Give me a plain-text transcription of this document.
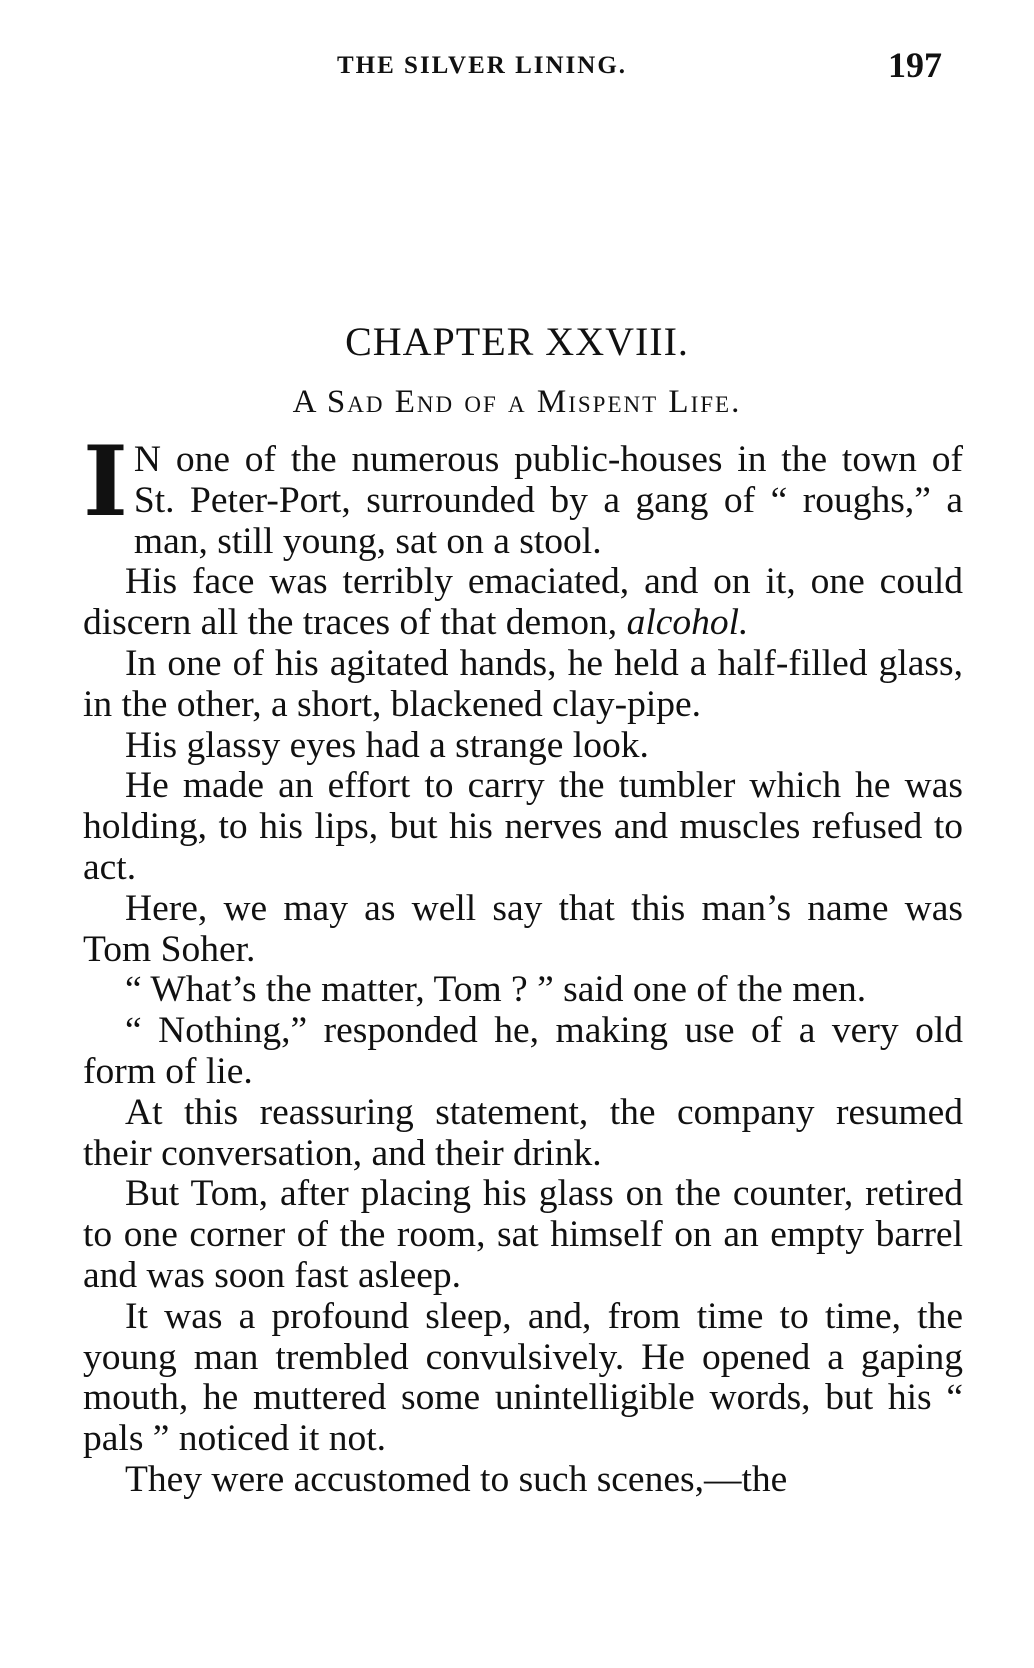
THE SILVER LINING.	197
CHAPTER XXVIII.
A Sad End of a Mispent Life.

I N one of the numerous public-houses in the town of St. Peter-Port, surrounded by a gang of “ roughs,” a man, still young, sat on a stool.

His face was terribly emaciated, and on it, one could discern all the traces of that demon, alcohol.

In one of his agitated hands, he held a half-filled glass, in the other, a short, blackened clay-pipe.

His glassy eyes had a strange look.

He made an effort to carry the tumbler which he was holding, to his lips, but his nerves and muscles refused to act.

Here, we may as well say that this man’s name was Tom Soher.

“ What’s the matter, Tom ? ” said one of the men.

“ Nothing,” responded he, making use of a very old form of lie.

At this reassuring statement, the company resumed their conversation, and their drink.

But Tom, after placing his glass on the counter, retired to one corner of the room, sat himself on an empty barrel and was soon fast asleep.

It was a profound sleep, and, from time to time, the young man trembled convulsively. He opened a gaping mouth, he muttered some unintelligible words, but his “ pals ” noticed it not.

They were accustomed to such scenes,—the
